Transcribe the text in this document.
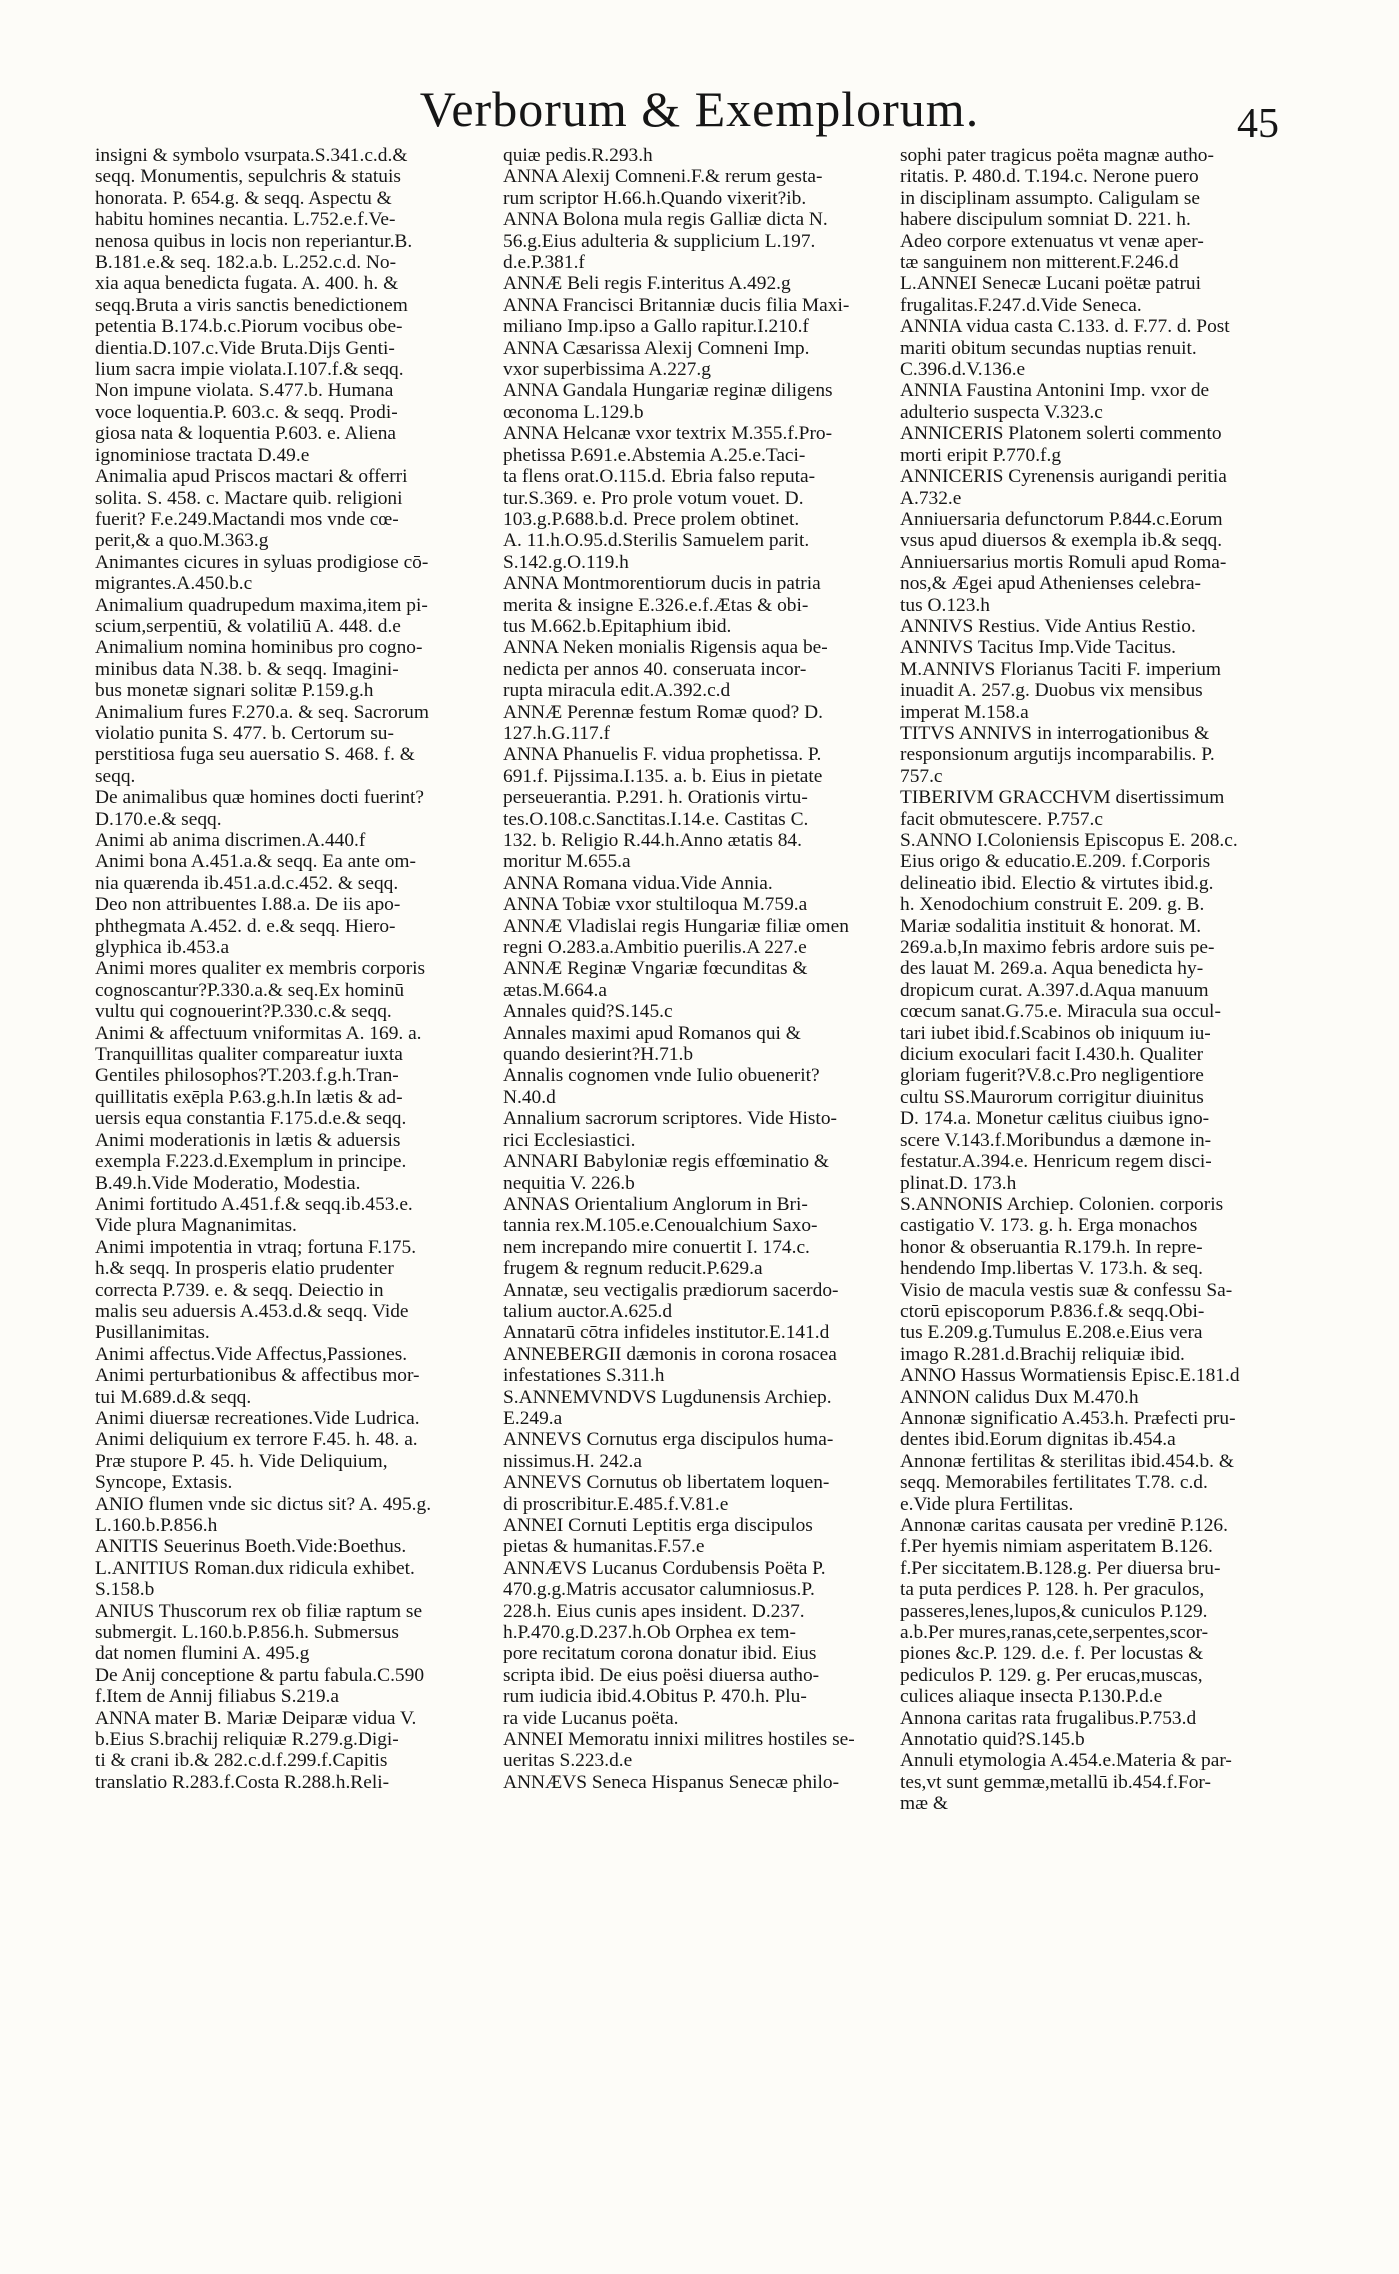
Verborum & Exemplorum.	45
insigni & symbolo vsurpata.S.341.c.d.&
seqq. Monumentis, sepulchris & statuis
honorata. P. 654.g. & seqq. Aspectu &
habitu homines necantia. L.752.e.f.Ve-
nenosa quibus in locis non reperiantur.B.
B.181.e.& seq. 182.a.b. L.252.c.d. No-
xia aqua benedicta fugata. A. 400. h. &
seqq.Bruta a viris sanctis benedictionem
petentia B.174.b.c.Piorum vocibus obe-
dientia.D.107.c.Vide Bruta.Dijs Genti-
lium sacra impie violata.I.107.f.& seqq.
Non impune violata. S.477.b. Humana
voce loquentia.P. 603.c. & seqq. Prodi-
giosa nata & loquentia P.603. e. Aliena
ignominiose tractata D.49.e
Animalia apud Priscos mactari & offerri
solita. S. 458. c. Mactare quib. religioni
fuerit? F.e.249.Mactandi mos vnde cœ-
perit,& a quo.M.363.g
Animantes cicures in syluas prodigiose cō-
migrantes.A.450.b.c
Animalium quadrupedum maxima,item pi-
scium,serpentiū, & volatiliū A. 448. d.e
Animalium nomina hominibus pro cogno-
minibus data N.38. b. & seqq. Imagini-
bus monetæ signari solitæ P.159.g.h
Animalium fures F.270.a. & seq. Sacrorum
violatio punita S. 477. b. Certorum su-
perstitiosa fuga seu auersatio S. 468. f. &
seqq.
De animalibus quæ homines docti fuerint?
D.170.e.& seqq.
Animi ab anima discrimen.A.440.f
Animi bona A.451.a.& seqq. Ea ante om-
nia quærenda ib.451.a.d.c.452. & seqq.
Deo non attribuentes I.88.a. De iis apo-
phthegmata A.452. d. e.& seqq. Hiero-
glyphica ib.453.a
Animi mores qualiter ex membris corporis
cognoscantur?P.330.a.& seq.Ex hominū
vultu qui cognouerint?P.330.c.& seqq.
Animi & affectuum vniformitas A. 169. a.
Tranquillitas qualiter compareatur iuxta
Gentiles philosophos?T.203.f.g.h.Tran-
quillitatis exēpla P.63.g.h.In lætis & ad-
uersis equa constantia F.175.d.e.& seqq.
Animi moderationis in lætis & aduersis
exempla F.223.d.Exemplum in principe.
B.49.h.Vide Moderatio, Modestia.
Animi fortitudo A.451.f.& seqq.ib.453.e.
Vide plura Magnanimitas.
Animi impotentia in vtraq; fortuna F.175.
h.& seqq. In prosperis elatio prudenter
correcta P.739. e. & seqq. Deiectio in
malis seu aduersis A.453.d.& seqq. Vide
Pusillanimitas.
Animi affectus.Vide Affectus,Passiones.
Animi perturbationibus & affectibus mor-
tui M.689.d.& seqq.
Animi diuersæ recreationes.Vide Ludrica.
Animi deliquium ex terrore F.45. h. 48. a.
Præ stupore P. 45. h. Vide Deliquium,
Syncope, Extasis.
ANIO flumen vnde sic dictus sit? A. 495.g.
L.160.b.P.856.h
ANITIS Seuerinus Boeth.Vide:Boethus.
L.ANITIUS Roman.dux ridicula exhibet.
S.158.b
ANIUS Thuscorum rex ob filiæ raptum se
submergit. L.160.b.P.856.h. Submersus
dat nomen flumini A. 495.g
De Anij conceptione & partu fabula.C.590
f.Item de Annij filiabus S.219.a
ANNA mater B. Mariæ Deiparæ vidua V.
b.Eius S.brachij reliquiæ R.279.g.Digi-
ti & crani ib.& 282.c.d.f.299.f.Capitis
translatio R.283.f.Costa R.288.h.Reli-
quiæ pedis.R.293.h
ANNA Alexij Comneni.F.& rerum gesta-
rum scriptor H.66.h.Quando vixerit?ib.
ANNA Bolona mula regis Galliæ dicta N.
56.g.Eius adulteria & supplicium L.197.
d.e.P.381.f
ANNÆ Beli regis F.interitus A.492.g
ANNA Francisci Britanniæ ducis filia Maxi-
miliano Imp.ipso a Gallo rapitur.I.210.f
ANNA Cæsarissa Alexij Comneni Imp.
vxor superbissima A.227.g
ANNA Gandala Hungariæ reginæ diligens
œconoma L.129.b
ANNA Helcanæ vxor textrix M.355.f.Pro-
phetissa P.691.e.Abstemia A.25.e.Taci-
ta flens orat.O.115.d. Ebria falso reputa-
tur.S.369. e. Pro prole votum vouet. D.
103.g.P.688.b.d. Prece prolem obtinet.
A. 11.h.O.95.d.Sterilis Samuelem parit.
S.142.g.O.119.h
ANNA Montmorentiorum ducis in patria
merita & insigne E.326.e.f.Ætas & obi-
tus M.662.b.Epitaphium ibid.
ANNA Neken monialis Rigensis aqua be-
nedicta per annos 40. conseruata incor-
rupta miracula edit.A.392.c.d
ANNÆ Perennæ festum Romæ quod? D.
127.h.G.117.f
ANNA Phanuelis F. vidua prophetissa. P.
691.f. Pijssima.I.135. a. b. Eius in pietate
perseuerantia. P.291. h. Orationis virtu-
tes.O.108.c.Sanctitas.I.14.e. Castitas C.
132. b. Religio R.44.h.Anno ætatis 84.
moritur M.655.a
ANNA Romana vidua.Vide Annia.
ANNA Tobiæ vxor stultiloqua M.759.a
ANNÆ Vladislai regis Hungariæ filiæ omen
regni O.283.a.Ambitio puerilis.A 227.e
ANNÆ Reginæ Vngariæ fœcunditas &
ætas.M.664.a
Annales quid?S.145.c
Annales maximi apud Romanos qui &
quando desierint?H.71.b
Annalis cognomen vnde Iulio obuenerit?
N.40.d
Annalium sacrorum scriptores. Vide Histo-
rici Ecclesiastici.
ANNARI Babyloniæ regis effœminatio &
nequitia V. 226.b
ANNAS Orientalium Anglorum in Bri-
tannia rex.M.105.e.Cenoualchium Saxo-
nem increpando mire conuertit I. 174.c.
frugem & regnum reducit.P.629.a
Annatæ, seu vectigalis prædiorum sacerdo-
talium auctor.A.625.d
Annatarū cōtra infideles institutor.E.141.d
ANNEBERGII dæmonis in corona rosacea
infestationes S.311.h
S.ANNEMVNDVS Lugdunensis Archiep.
E.249.a
ANNEVS Cornutus erga discipulos huma-
nissimus.H. 242.a
ANNEVS Cornutus ob libertatem loquen-
di proscribitur.E.485.f.V.81.e
ANNEI Cornuti Leptitis erga discipulos
pietas & humanitas.F.57.e
ANNÆVS Lucanus Cordubensis Poëta P.
470.g.g.Matris accusator calumniosus.P.
228.h. Eius cunis apes insident. D.237.
h.P.470.g.D.237.h.Ob Orphea ex tem-
pore recitatum corona donatur ibid. Eius
scripta ibid. De eius poësi diuersa autho-
rum iudicia ibid.4.Obitus P. 470.h. Plu-
ra vide Lucanus poëta.
ANNEI Memoratu innixi militres hostiles se-
ueritas S.223.d.e
ANNÆVS Seneca Hispanus Senecæ philo-
sophi pater tragicus poëta magnæ autho-
ritatis. P. 480.d. T.194.c. Nerone puero
in disciplinam assumpto. Caligulam se
habere discipulum somniat D. 221. h.
Adeo corpore extenuatus vt venæ aper-
tæ sanguinem non mitterent.F.246.d
L.ANNEI Senecæ Lucani poëtæ patrui
frugalitas.F.247.d.Vide Seneca.
ANNIA vidua casta C.133. d. F.77. d. Post
mariti obitum secundas nuptias renuit.
C.396.d.V.136.e
ANNIA Faustina Antonini Imp. vxor de
adulterio suspecta V.323.c
ANNICERIS Platonem solerti commento
morti eripit P.770.f.g
ANNICERIS Cyrenensis aurigandi peritia
A.732.e
Anniuersaria defunctorum P.844.c.Eorum
vsus apud diuersos & exempla ib.& seqq.
Anniuersarius mortis Romuli apud Roma-
nos,& Ægei apud Athenienses celebra-
tus O.123.h
ANNIVS Restius. Vide Antius Restio.
ANNIVS Tacitus Imp.Vide Tacitus.
M.ANNIVS Florianus Taciti F. imperium
inuadit A. 257.g. Duobus vix mensibus
imperat M.158.a
TITVS ANNIVS in interrogationibus &
responsionum argutijs incomparabilis. P.
757.c
TIBERIVM GRACCHVM disertissimum
facit obmutescere. P.757.c
S.ANNO I.Coloniensis Episcopus E. 208.c.
Eius origo & educatio.E.209. f.Corporis
delineatio ibid. Electio & virtutes ibid.g.
h. Xenodochium construit E. 209. g. B.
Mariæ sodalitia instituit & honorat. M.
269.a.b,In maximo febris ardore suis pe-
des lauat M. 269.a. Aqua benedicta hy-
dropicum curat. A.397.d.Aqua manuum
cœcum sanat.G.75.e. Miracula sua occul-
tari iubet ibid.f.Scabinos ob iniquum iu-
dicium exoculari facit I.430.h. Qualiter
gloriam fugerit?V.8.c.Pro negligentiore
cultu SS.Maurorum corrigitur diuinitus
D. 174.a. Monetur cælitus ciuibus igno-
scere V.143.f.Moribundus a dæmone in-
festatur.A.394.e. Henricum regem disci-
plinat.D. 173.h
S.ANNONIS Archiep. Colonien. corporis
castigatio V. 173. g. h. Erga monachos
honor & obseruantia R.179.h. In repre-
hendendo Imp.libertas V. 173.h. & seq.
Visio de macula vestis suæ & confessu Sa-
ctorū episcoporum P.836.f.& seqq.Obi-
tus E.209.g.Tumulus E.208.e.Eius vera
imago R.281.d.Brachij reliquiæ ibid.
ANNO Hassus Wormatiensis Episc.E.181.d
ANNON calidus Dux M.470.h
Annonæ significatio A.453.h. Præfecti pru-
dentes ibid.Eorum dignitas ib.454.a
Annonæ fertilitas & sterilitas ibid.454.b. &
seqq. Memorabiles fertilitates T.78. c.d.
e.Vide plura Fertilitas.
Annonæ caritas causata per vredinē P.126.
f.Per hyemis nimiam asperitatem B.126.
f.Per siccitatem.B.128.g. Per diuersa bru-
ta puta perdices P. 128. h. Per graculos,
passeres,lenes,lupos,& cuniculos P.129.
a.b.Per mures,ranas,cete,serpentes,scor-
piones &c.P. 129. d.e. f. Per locustas &
pediculos P. 129. g. Per erucas,muscas,
culices aliaque insecta P.130.P.d.e
Annona caritas rata frugalibus.P.753.d
Annotatio quid?S.145.b
Annuli etymologia A.454.e.Materia & par-
tes,vt sunt gemmæ,metallū ib.454.f.For-
mæ &
